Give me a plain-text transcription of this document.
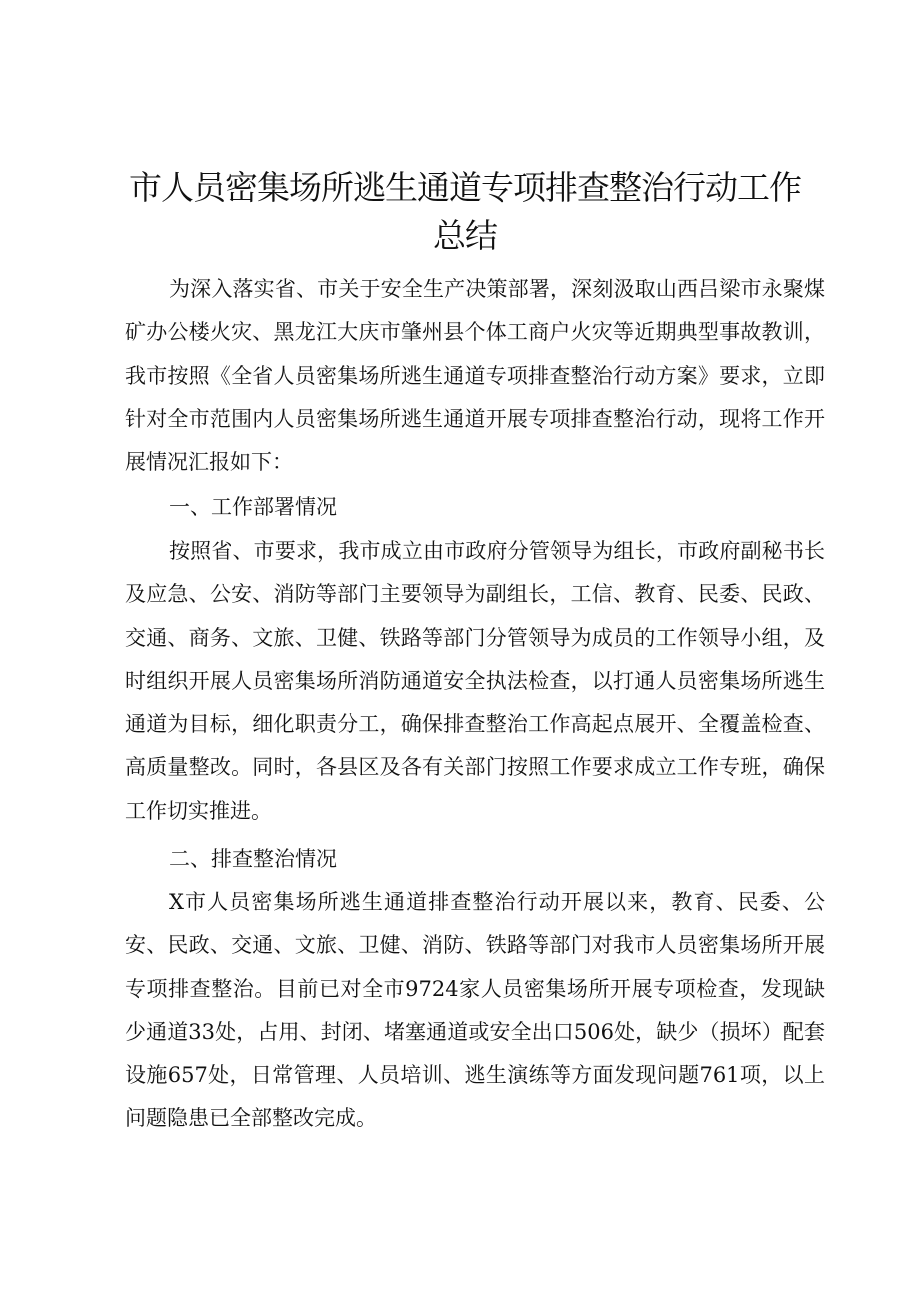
市人员密集场所逃生通道专项排查整治行动工作总结

为深入落实省、市关于安全生产决策部署，深刻汲取山西吕梁市永聚煤矿办公楼火灾、黑龙江大庆市肇州县个体工商户火灾等近期典型事故教训，我市按照《全省人员密集场所逃生通道专项排查整治行动方案》要求，立即针对全市范围内人员密集场所逃生通道开展专项排查整治行动，现将工作开展情况汇报如下：

一、工作部署情况

按照省、市要求，我市成立由市政府分管领导为组长，市政府副秘书长及应急、公安、消防等部门主要领导为副组长，工信、教育、民委、民政、交通、商务、文旅、卫健、铁路等部门分管领导为成员的工作领导小组，及时组织开展人员密集场所消防通道安全执法检查，以打通人员密集场所逃生通道为目标，细化职责分工，确保排查整治工作高起点展开、全覆盖检查、高质量整改。同时，各县区及各有关部门按照工作要求成立工作专班，确保工作切实推进。

二、排查整治情况

X市人员密集场所逃生通道排查整治行动开展以来，教育、民委、公安、民政、交通、文旅、卫健、消防、铁路等部门对我市人员密集场所开展专项排查整治。目前已对全市9724家人员密集场所开展专项检查，发现缺少通道33处，占用、封闭、堵塞通道或安全出口506处，缺少（损坏）配套设施657处，日常管理、人员培训、逃生演练等方面发现问题761项，以上问题隐患已全部整改完成。
